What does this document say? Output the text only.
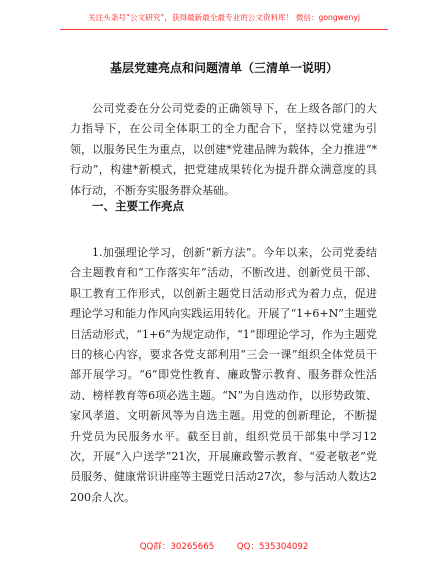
关注头条号“公文研究”，获得最新最全最专业的公文资料库！ 微信：gongwenyj
基层党建亮点和问题清单（三清单一说明）

公司党委在分公司党委的正确领导下，在上级各部门的大力指导下，在公司全体职工的全力配合下，坚持以党建为引领，以服务民生为重点，以创建*党建品牌为载体，全力推进“*行动”，构建*新模式，把党建成果转化为提升群众满意度的具体行动，不断夯实服务群众基础。

一、主要工作亮点

1.加强理论学习，创新“新方法”。今年以来，公司党委结合主题教育和“工作落实年”活动，不断改进、创新党员干部、职工教育工作形式，以创新主题党日活动形式为着力点，促进理论学习和能力作风向实践运用转化。开展了“1+6+N”主题党日活动形式，“1+6”为规定动作，“1”即理论学习，作为主题党日的核心内容，要求各党支部利用“三会一课”组织全体党员干部开展学习。“6”即党性教育、廉政警示教育、服务群众性活动、榜样教育等6项必选主题。“N”为自选动作，以形势政策、家风孝道、文明新风等为自选主题。用党的创新理论，不断提升党员为民服务水平。截至目前，组织党员干部集中学习12次，开展“入户送学”21次，开展廉政警示教育、“爱老敬老”党员服务、健康常识讲座等主题党日活动27次，参与活动人数达2200余人次。

QQ群：30265665	QQ：535304092
